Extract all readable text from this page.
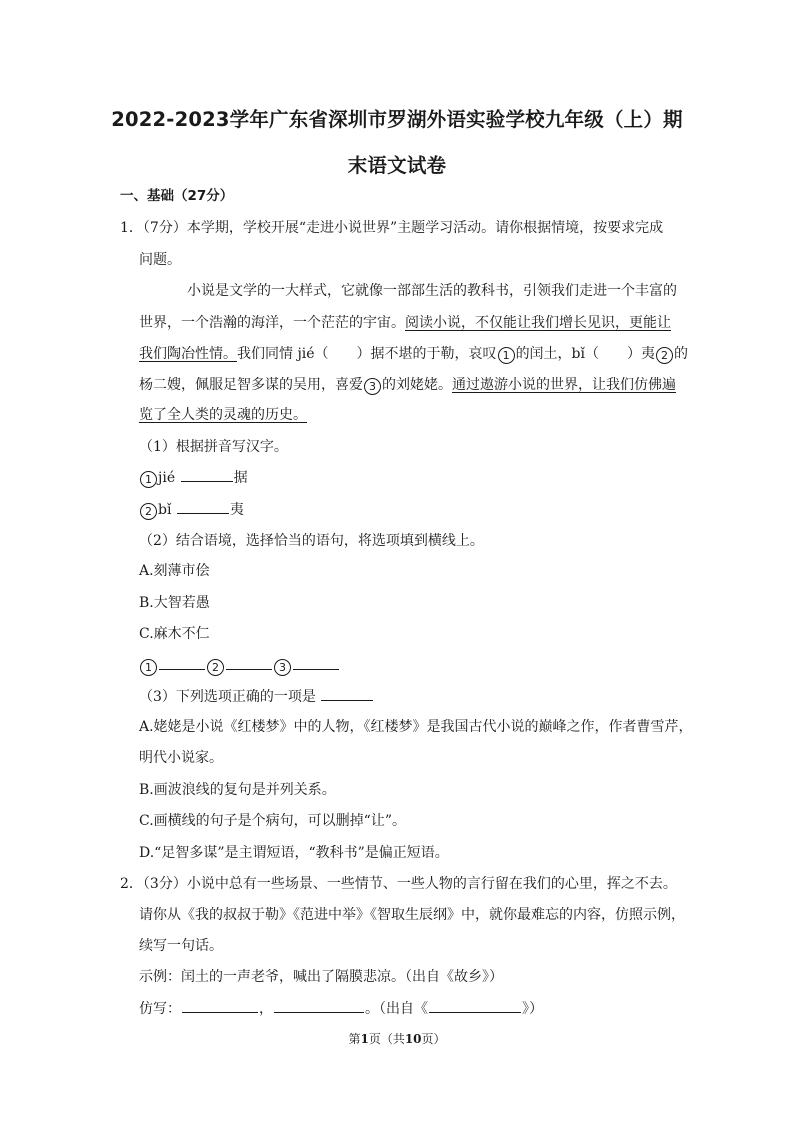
2022-2023学年广东省深圳市罗湖外语实验学校九年级（上）期
末语文试卷
一、基础（27分）
1．（7分）本学期，学校开展“走进小说世界”主题学习活动。请你根据情境，按要求完成
问题。
小说是文学的一大样式，它就像一部部生活的教科书，引领我们走进一个丰富的
世界，一个浩瀚的海洋，一个茫茫的宇宙。阅读小说，不仅能让我们增长见识，更能让
我们陶冶性情。我们同情 jié（　　）据不堪的于勒，哀叹 1 的闰土，bǐ（　　）夷 2 的
杨二嫂，佩服足智多谋的吴用，喜爱 3 的刘姥姥。通过遨游小说的世界，让我们仿佛遍
览了全人类的灵魂的历史。
（1）根据拼音写汉字。
1 jié	据
2 bǐ	夷
（2）结合语境，选择恰当的语句，将选项填到横线上。
A.刻薄市侩
B.大智若愚
C.麻木不仁
1	2	3
（3）下列选项正确的一项是
A.姥姥是小说《红楼梦》中的人物，《红楼梦》是我国古代小说的巅峰之作，作者曹雪芹，
明代小说家。
B.画波浪线的复句是并列关系。
C.画横线的句子是个病句，可以删掉“让”。
D.“足智多谋”是主谓短语，“教科书”是偏正短语。
2．（3分）小说中总有一些场景、一些情节、一些人物的言行留在我们的心里，挥之不去。
请你从《我的叔叔于勒》《范进中举》《智取生辰纲》中，就你最难忘的内容，仿照示例，
续写一句话。
示例：闰土的一声老爷，喊出了隔膜悲凉。（出自《故乡》）
仿写：	，	。（出自《	》）
第1页（共10页）
